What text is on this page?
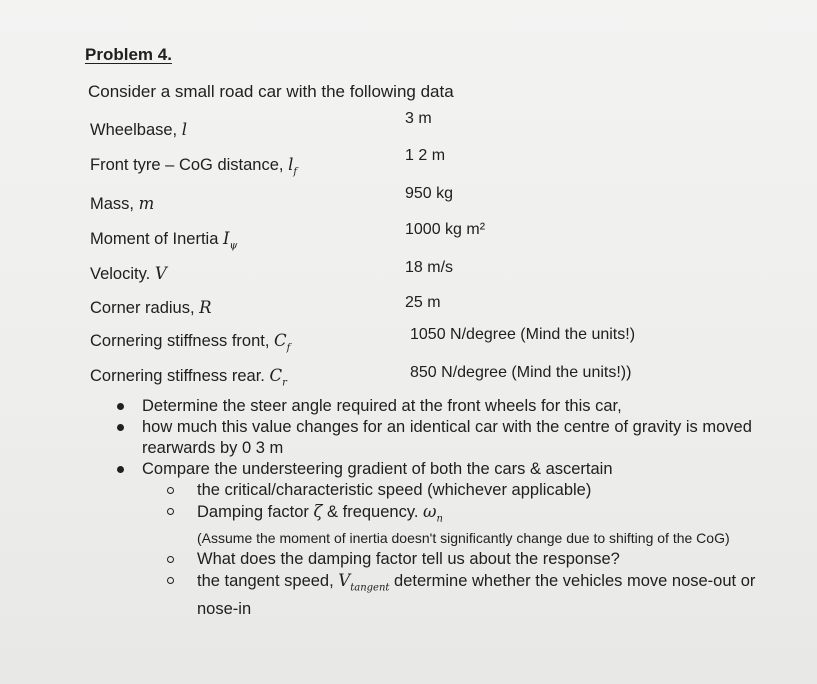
Problem 4.
Consider a small road car with the following data
Wheelbase, l
3 m
Front tyre – CoG distance, $l_f$
1 2 m
Mass, m
950 kg
Moment of Inertia $I_\psi$
1000 kg m²
Velocity. V	18 m/s
Corner radius, R	25 m
Cornering stiffness front, $C_f$
1050 N/degree (Mind the units!)
Cornering stiffness rear. $C_r$
850 N/degree (Mind the units!))
Determine the steer angle required at the front wheels for this car,
how much this value changes for an identical car with the centre of gravity is moved rearwards by 0 3 m
Compare the understeering gradient of both the cars & ascertain
the critical/characteristic speed (whichever applicable)
Damping factor ζ & frequency. $\omega_n$
(Assume the moment of inertia doesn't significantly change due to shifting of the CoG)
What does the damping factor tell us about the response?
the tangent speed, $V_{tangent}$ determine whether the vehicles move nose-out or nose-in
